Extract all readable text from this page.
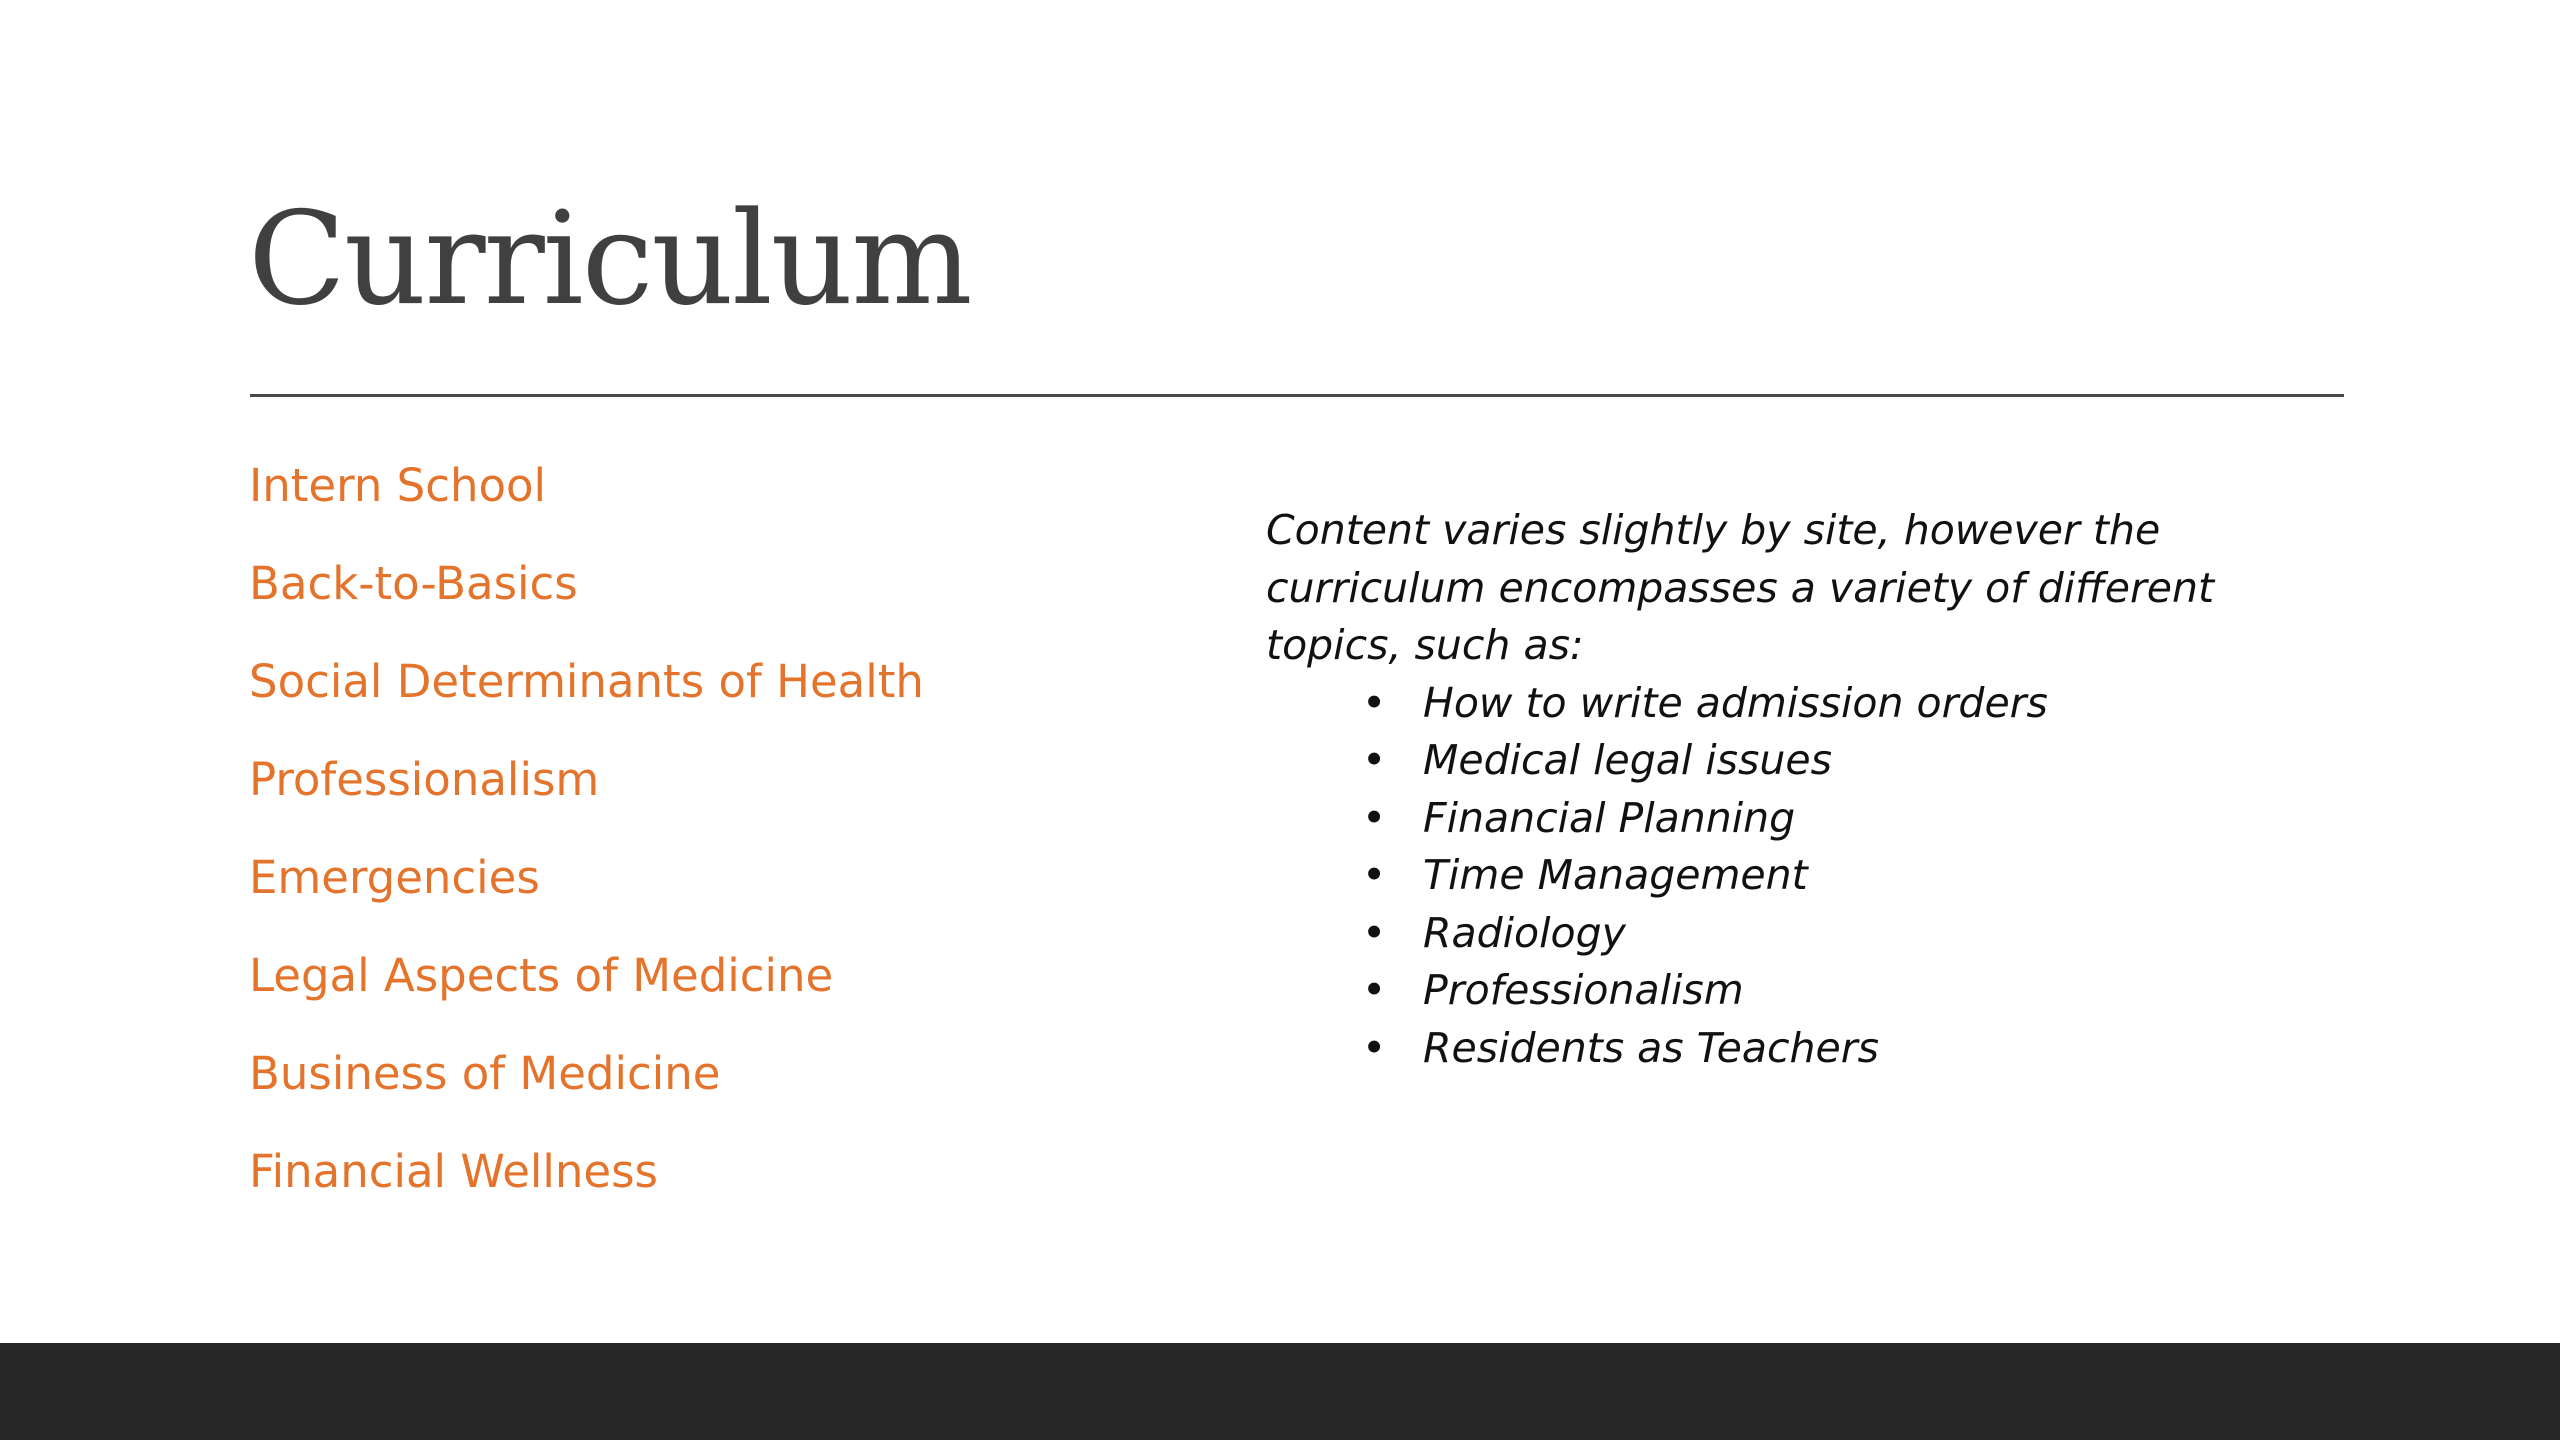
Curriculum
Intern School
Back-to-Basics
Social Determinants of Health
Professionalism
Emergencies
Legal Aspects of Medicine
Business of Medicine
Financial Wellness

Content varies slightly by site, however the curriculum encompasses a variety of different topics, such as:

• How to write admission orders
• Medical legal issues
• Financial Planning
• Time Management
• Radiology
• Professionalism
• Residents as Teachers
